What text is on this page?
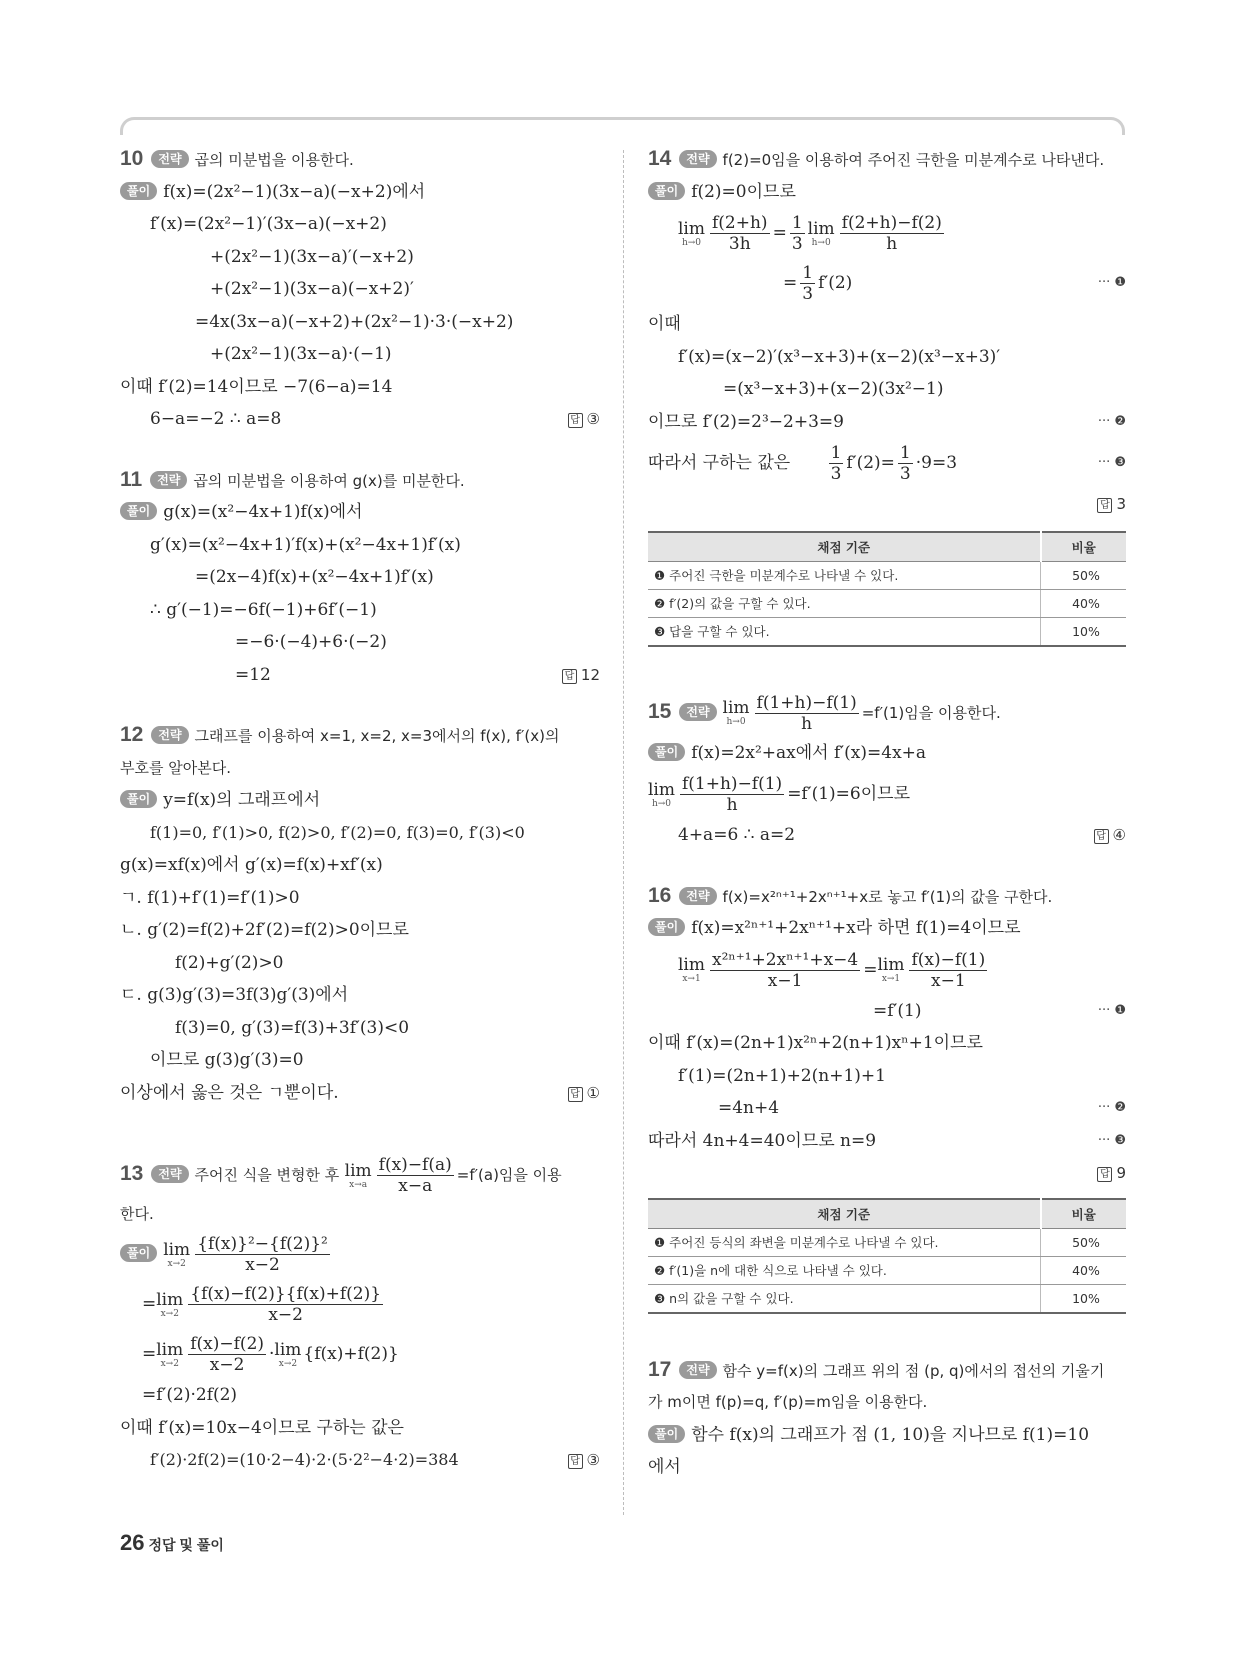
10 전략 곱의 미분법을 이용한다.
풀이 f(x)=(2x²−1)(3x−a)(−x+2)에서
f′(x)=(2x²−1)′(3x−a)(−x+2)
+(2x²−1)(3x−a)′(−x+2)
+(2x²−1)(3x−a)(−x+2)′
=4x(3x−a)(−x+2)+(2x²−1)·3·(−x+2)
+(2x²−1)(3x−a)·(−1)
이때 f′(2)=14이므로 −7(6−a)=14
6−a=−2 ∴ a=8	답 ③
11 전략 곱의 미분법을 이용하여 g(x)를 미분한다.
풀이 g(x)=(x²−4x+1)f(x)에서
g′(x)=(x²−4x+1)′f(x)+(x²−4x+1)f′(x)
=(2x−4)f(x)+(x²−4x+1)f′(x)
∴ g′(−1)=−6f(−1)+6f′(−1)
=−6·(−4)+6·(−2)
=12	답 12
12 전략 그래프를 이용하여 x=1, x=2, x=3에서의 f(x), f′(x)의
부호를 알아본다.
풀이 y=f(x)의 그래프에서
f(1)=0, f′(1)>0, f(2)>0, f′(2)=0, f(3)=0, f′(3)<0
g(x)=xf(x)에서 g′(x)=f(x)+xf′(x)
ㄱ. f(1)+f′(1)=f′(1)>0
ㄴ. g′(2)=f(2)+2f′(2)=f(2)>0이므로
f(2)+g′(2)>0
ㄷ. g(3)g′(3)=3f(3)g′(3)에서
f(3)=0, g′(3)=f(3)+3f′(3)<0
이므로 g(3)g′(3)=0
이상에서 옳은 것은 ㄱ뿐이다.	답 ①
13 전략 주어진 식을 변형한 후 lim
$x\to a \frac{f(x)-f(a)}{x-a} =f'(a)$임을 이용
한다.
풀이 lim
$x\to 2 \frac{\text{\{f(x)\}²−\{f(2)\}²}}{x-2}$
=lim
$x\to 2 \frac{\{f(x)-f(2)\}\{f(x)+f(2)\}}{x-2}$
=lim
$x\to 2 \frac{f(x)-f(2)}{x-2} \cdot\lim$
x→2 {f(x)+f(2)}
=f′(2)·2f(2)
이때 f′(x)=10x−4이므로 구하는 값은
f′(2)·2f(2)=(10·2−4)·2·(5·2²−4·2)=384	답 ③
14 전략 f(2)=0임을 이용하여 주어진 극한을 미분계수로 나타낸다.
풀이 f(2)=0이므로
lim
$h\to 0 \frac{f(2+h)}{3h} = \frac{1}{3}$ lim
$h\to 0 \frac{f(2+h)-f(2)}{h}$
= $\frac{1}{3} f'(2)$	··· ❶
이때
f′(x)=(x−2)′(x³−x+3)+(x−2)(x³−x+3)′
=(x³−x+3)+(x−2)(3x²−1)
이므로 f′(2)=2³−2+3=9	··· ❷
따라서 구하는 값은 $\frac{1}{3} f'(2)= \frac{1}{3} \cdot 9=3$	··· ❸
답 3
채점 기준	비율
❶ 주어진 극한을 미분계수로 나타낼 수 있다.	50%
❷ f′(2)의 값을 구할 수 있다.	40%
❸ 답을 구할 수 있다.	10%
15 전략 lim
$h\to 0 \frac{f(1+h)-f(1)}{h} =f'(1)$임을 이용한다.
풀이 f(x)=2x²+ax에서 f′(x)=4x+a
lim
$h\to 0 \frac{f(1+h)-f(1)}{h} =f'(1)=6$이므로
4+a=6 ∴ a=2	답 ④
16 전략 f(x)=x²ⁿ⁺¹+2xⁿ⁺¹+x로 놓고 f′(1)의 값을 구한다.
풀이 f(x)=x²ⁿ⁺¹+2xⁿ⁺¹+x라 하면 f(1)=4이므로
lim
$x\to 1 \frac{\text{x²ⁿ⁺¹+2xⁿ⁺¹+x−4}}{x-1} =\lim$
$x\to 1 \frac{f(x)-f(1)}{x-1}$
=f′(1)	··· ❶
이때 f′(x)=(2n+1)x²ⁿ+2(n+1)xⁿ+1이므로
f′(1)=(2n+1)+2(n+1)+1
=4n+4	··· ❷
따라서 4n+4=40이므로 n=9	··· ❸
답 9
채점 기준	비율
❶ 주어진 등식의 좌변을 미분계수로 나타낼 수 있다.	50%
❷ f′(1)을 n에 대한 식으로 나타낼 수 있다.	40%
❸ n의 값을 구할 수 있다.	10%
17 전략 함수 y=f(x)의 그래프 위의 점 (p, q)에서의 접선의 기울기
가 m이면 f(p)=q, f′(p)=m임을 이용한다.
풀이 함수 f(x)의 그래프가 점 (1, 10)을 지나므로 f(1)=10
에서
26 정답 및 풀이
